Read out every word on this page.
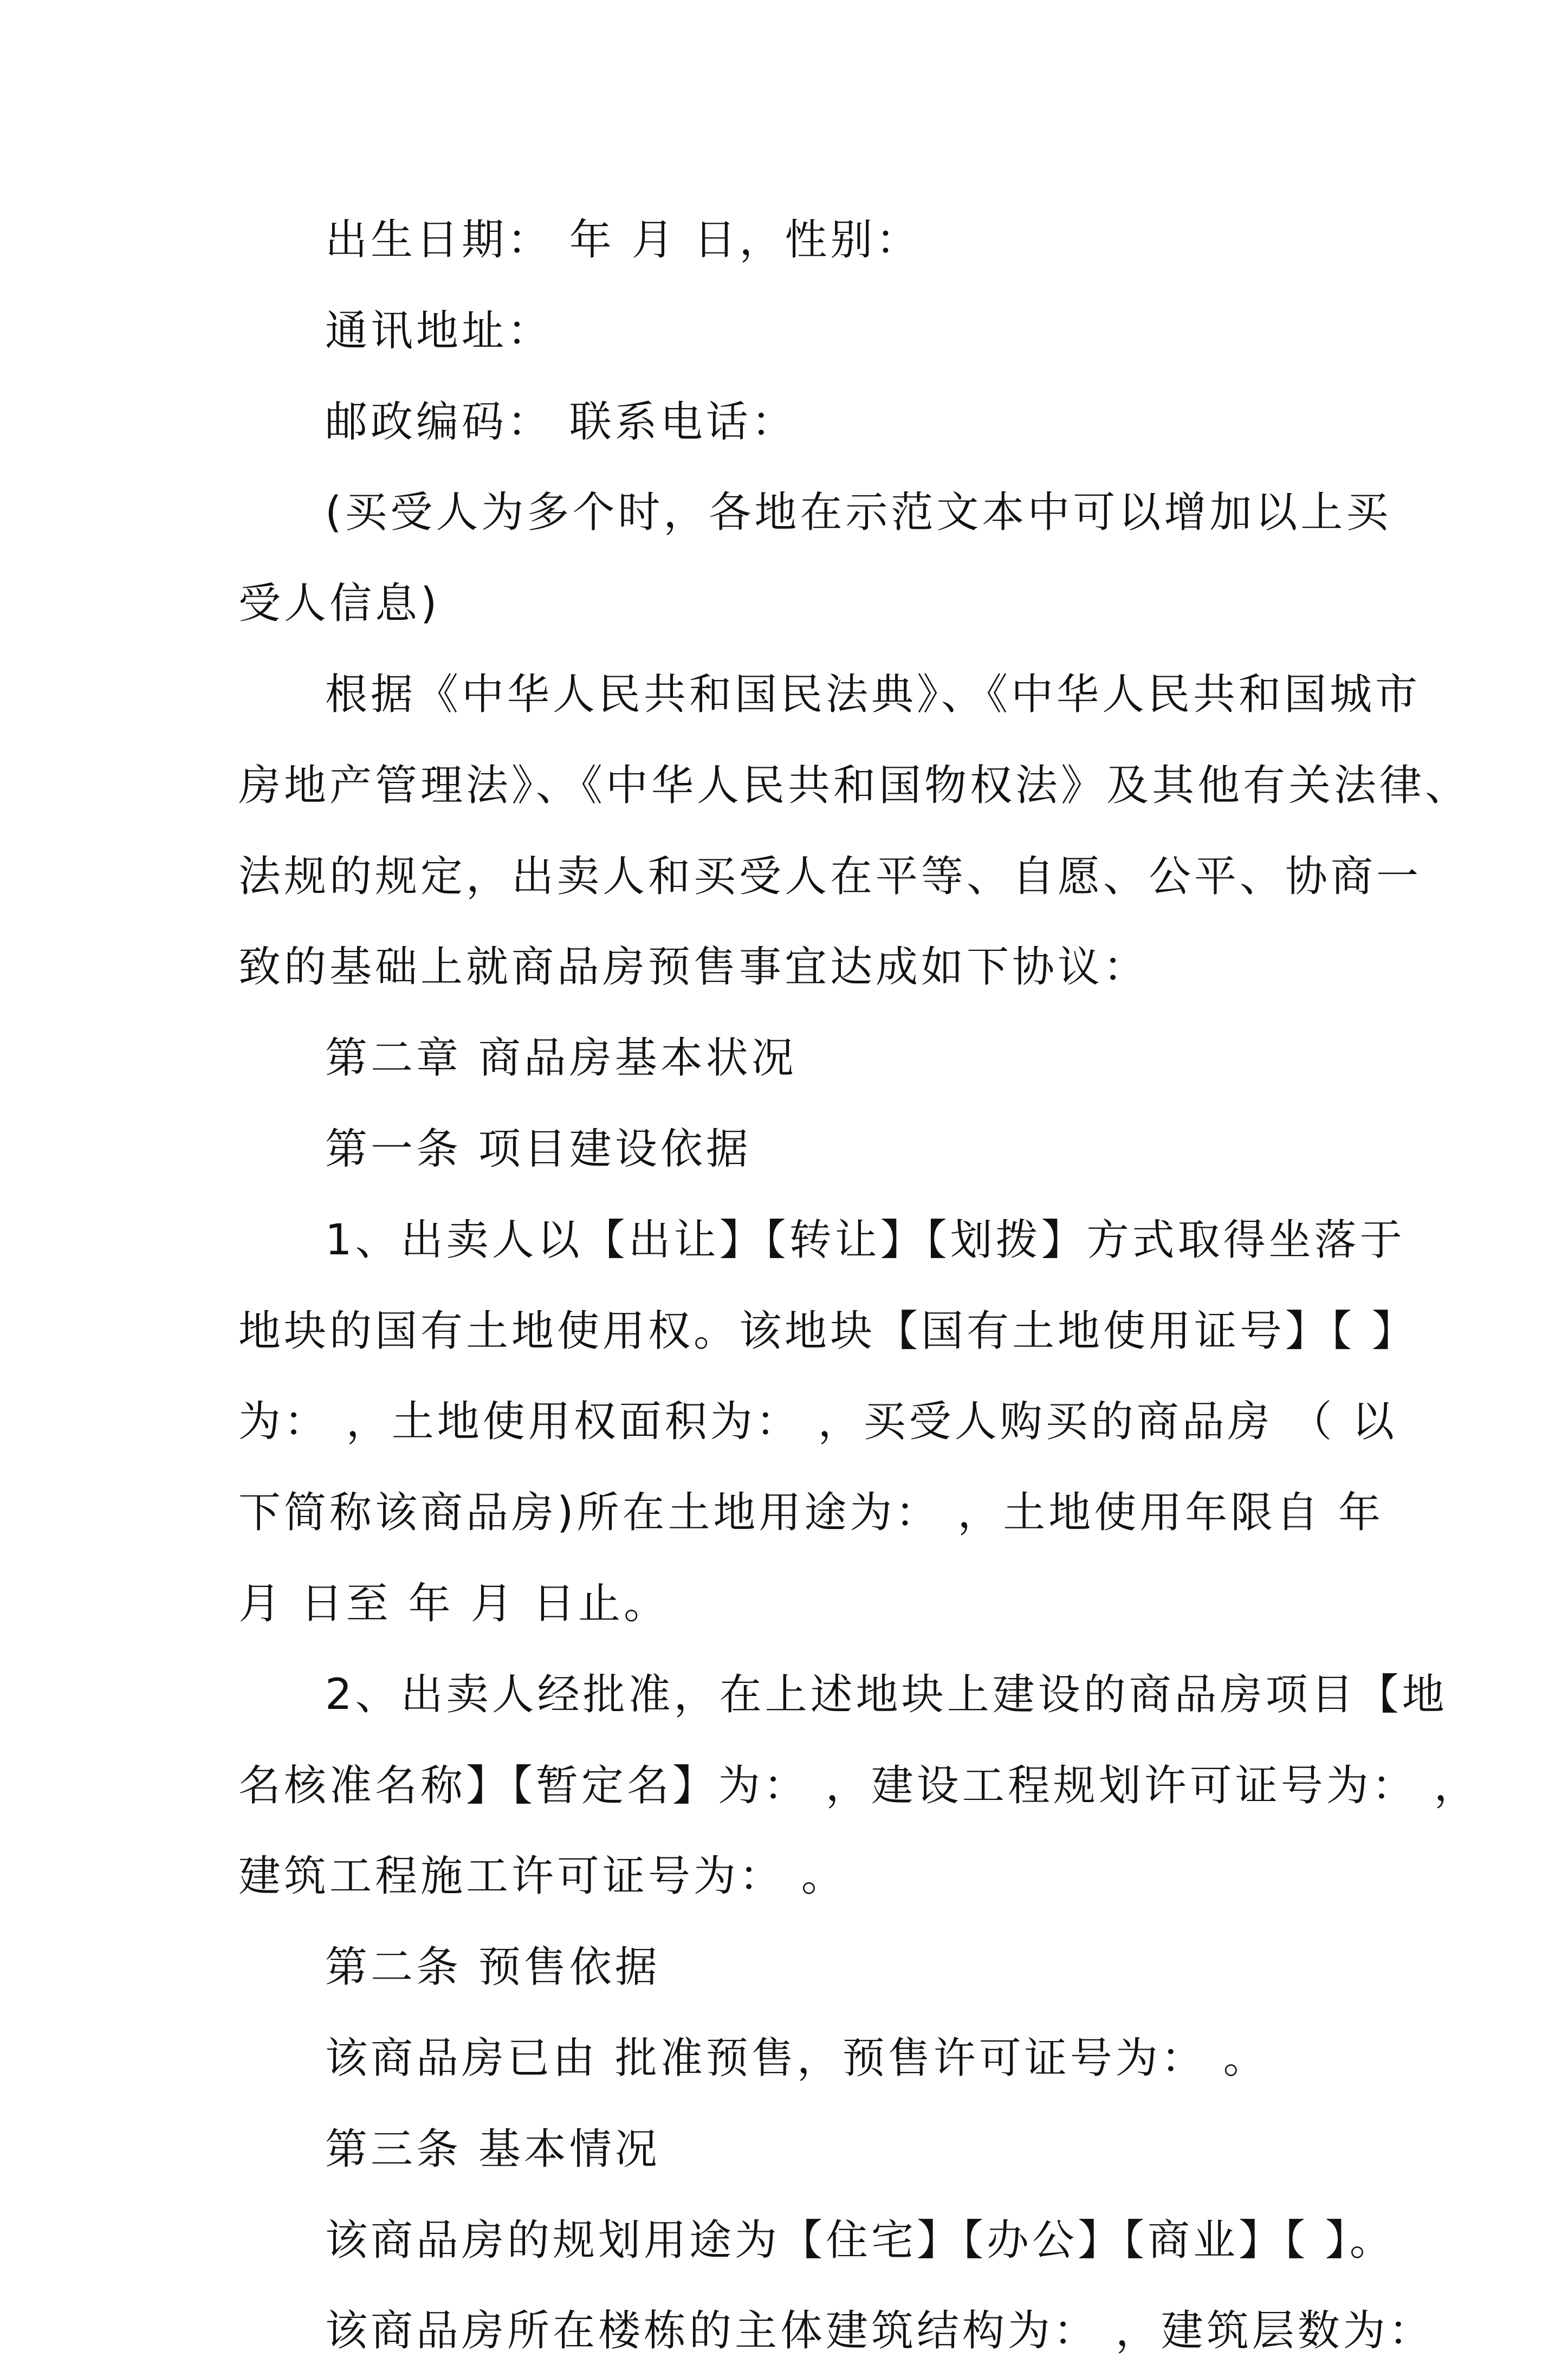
出生日期： 年 月 日，性别：
通讯地址：
邮政编码： 联系电话：
(买受人为多个时，各地在示范文本中可以增加以上买
受人信息)
根据《中华人民共和国民法典》、《中华人民共和国城市
房地产管理法》、《中华人民共和国物权法》及其他有关法律、
法规的规定，出卖人和买受人在平等、自愿、公平、协商一
致的基础上就商品房预售事宜达成如下协议：
第二章 商品房基本状况
第一条 项目建设依据
1、出卖人以【出让】【转让】【划拨】方式取得坐落于
地块的国有土地使用权。该地块【国有土地使用证号】【 】
为： ，土地使用权面积为： ，买受人购买的商品房 （ 以
下简称该商品房)所在土地用途为： ，土地使用年限自 年
月 日至 年 月 日止。
2、出卖人经批准，在上述地块上建设的商品房项目【地
名核准名称】【暂定名】为： ，建设工程规划许可证号为： ，
建筑工程施工许可证号为： 。
第二条 预售依据
该商品房已由 批准预售，预售许可证号为： 。
第三条 基本情况
该商品房的规划用途为【住宅】【办公】【商业】【 】。
该商品房所在楼栋的主体建筑结构为： ，建筑层数为：
